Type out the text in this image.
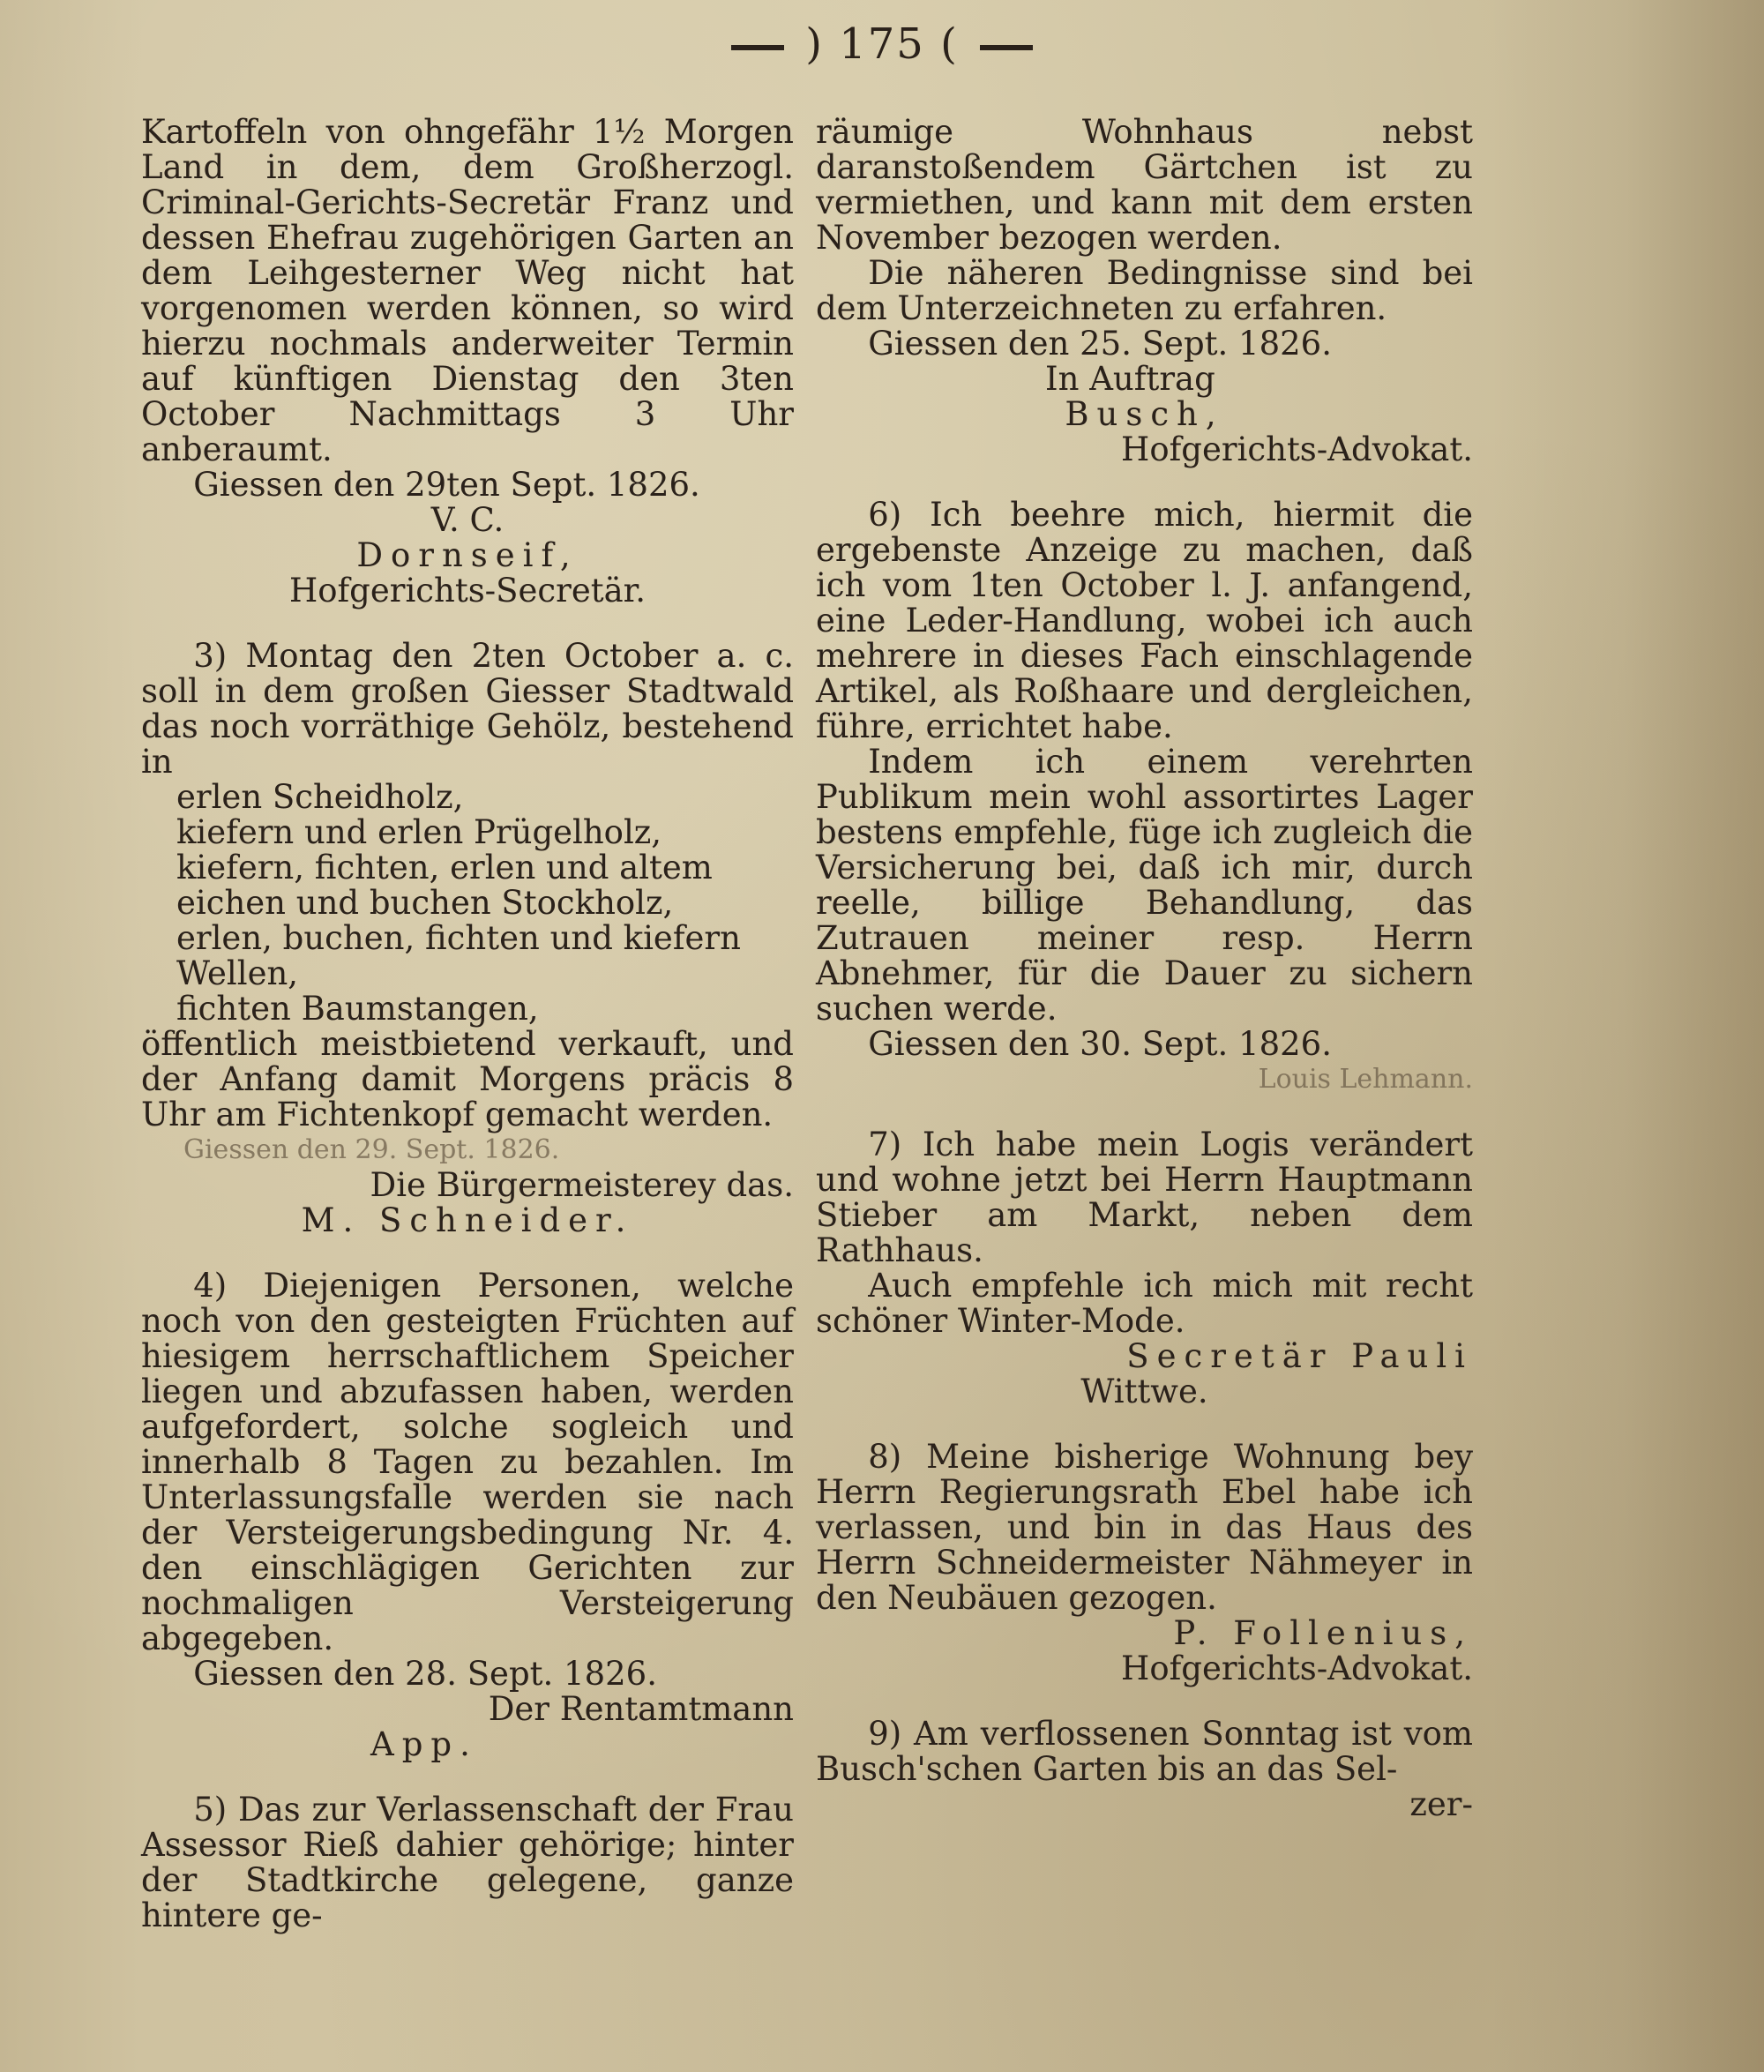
) 175 (

Kartoffeln von ohngefähr 1½ Morgen Land in dem, dem Großherzogl. Criminal-Gerichts-Secretär Franz und dessen Ehefrau zugehörigen Garten an dem Leihgesterner Weg nicht hat vorgenomen werden können, so wird hierzu nochmals anderweiter Termin auf künftigen Dienstag den 3ten October Nachmittags 3 Uhr anberaumt.

Giessen den 29ten Sept. 1826.

V. C.

Dornseif,

Hofgerichts-Secretär.

3) Montag den 2ten October a. c. soll in dem großen Giesser Stadtwald das noch vorräthige Gehölz, bestehend in

erlen Scheidholz,

kiefern und erlen Prügelholz,

kiefern, fichten, erlen und altem eichen und buchen Stockholz,

erlen, buchen, fichten und kiefern Wellen,

fichten Baumstangen,

öffentlich meistbietend verkauft, und der Anfang damit Morgens präcis 8 Uhr am Fichtenkopf gemacht werden.

Giessen den 29. Sept. 1826.

Die Bürgermeisterey das.

M. Schneider.

4) Diejenigen Personen, welche noch von den gesteigten Früchten auf hiesigem herrschaftlichem Speicher liegen und abzufassen haben, werden aufgefordert, solche sogleich und innerhalb 8 Tagen zu bezahlen. Im Unterlassungsfalle werden sie nach der Versteigerungsbedingung Nr. 4. den einschlägigen Gerichten zur nochmaligen Versteigerung abgegeben.

Giessen den 28. Sept. 1826.

Der Rentamtmann

App.

5) Das zur Verlassenschaft der Frau Assessor Rieß dahier gehörige; hinter der Stadtkirche gelegene, ganze hintere ge-

räumige Wohnhaus nebst daranstoßendem Gärtchen ist zu vermiethen, und kann mit dem ersten November bezogen werden.

Die näheren Bedingnisse sind bei dem Unterzeichneten zu erfahren.

Giessen den 25. Sept. 1826.

In Auftrag

Busch,

Hofgerichts-Advokat.

6) Ich beehre mich, hiermit die ergebenste Anzeige zu machen, daß ich vom 1ten October l. J. anfangend, eine Leder-Handlung, wobei ich auch mehrere in dieses Fach einschlagende Artikel, als Roßhaare und dergleichen, führe, errichtet habe.

Indem ich einem verehrten Publikum mein wohl assortirtes Lager bestens empfehle, füge ich zugleich die Versicherung bei, daß ich mir, durch reelle, billige Behandlung, das Zutrauen meiner resp. Herrn Abnehmer, für die Dauer zu sichern suchen werde.

Giessen den 30. Sept. 1826.

Louis Lehmann.

7) Ich habe mein Logis verändert und wohne jetzt bei Herrn Hauptmann Stieber am Markt, neben dem Rathhaus.

Auch empfehle ich mich mit recht schöner Winter-Mode.

Secretär Pauli

Wittwe.

8) Meine bisherige Wohnung bey Herrn Regierungsrath Ebel habe ich verlassen, und bin in das Haus des Herrn Schneidermeister Nähmeyer in den Neubäuen gezogen.

P. Follenius,

Hofgerichts-Advokat.

9) Am verflossenen Sonntag ist vom Busch'schen Garten bis an das Sel-

zer-
